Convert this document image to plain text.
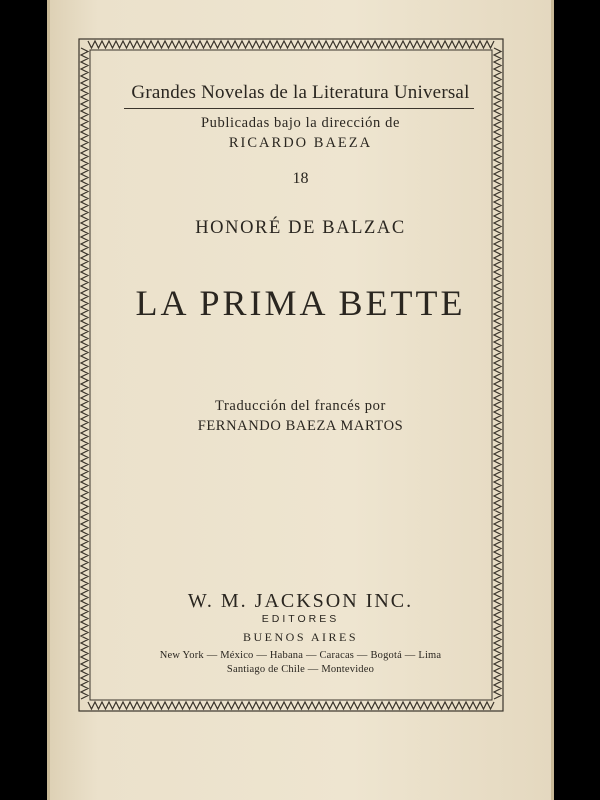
Grandes Novelas de la Literatura Universal
Publicadas bajo la dirección de
RICARDO BAEZA
18
HONORÉ DE BALZAC
LA PRIMA BETTE
Traducción del francés por
FERNANDO BAEZA MARTOS
W. M. JACKSON INC.
EDITORES
BUENOS AIRES
New York — México — Habana — Caracas — Bogotá — Lima
Santiago de Chile — Montevideo
